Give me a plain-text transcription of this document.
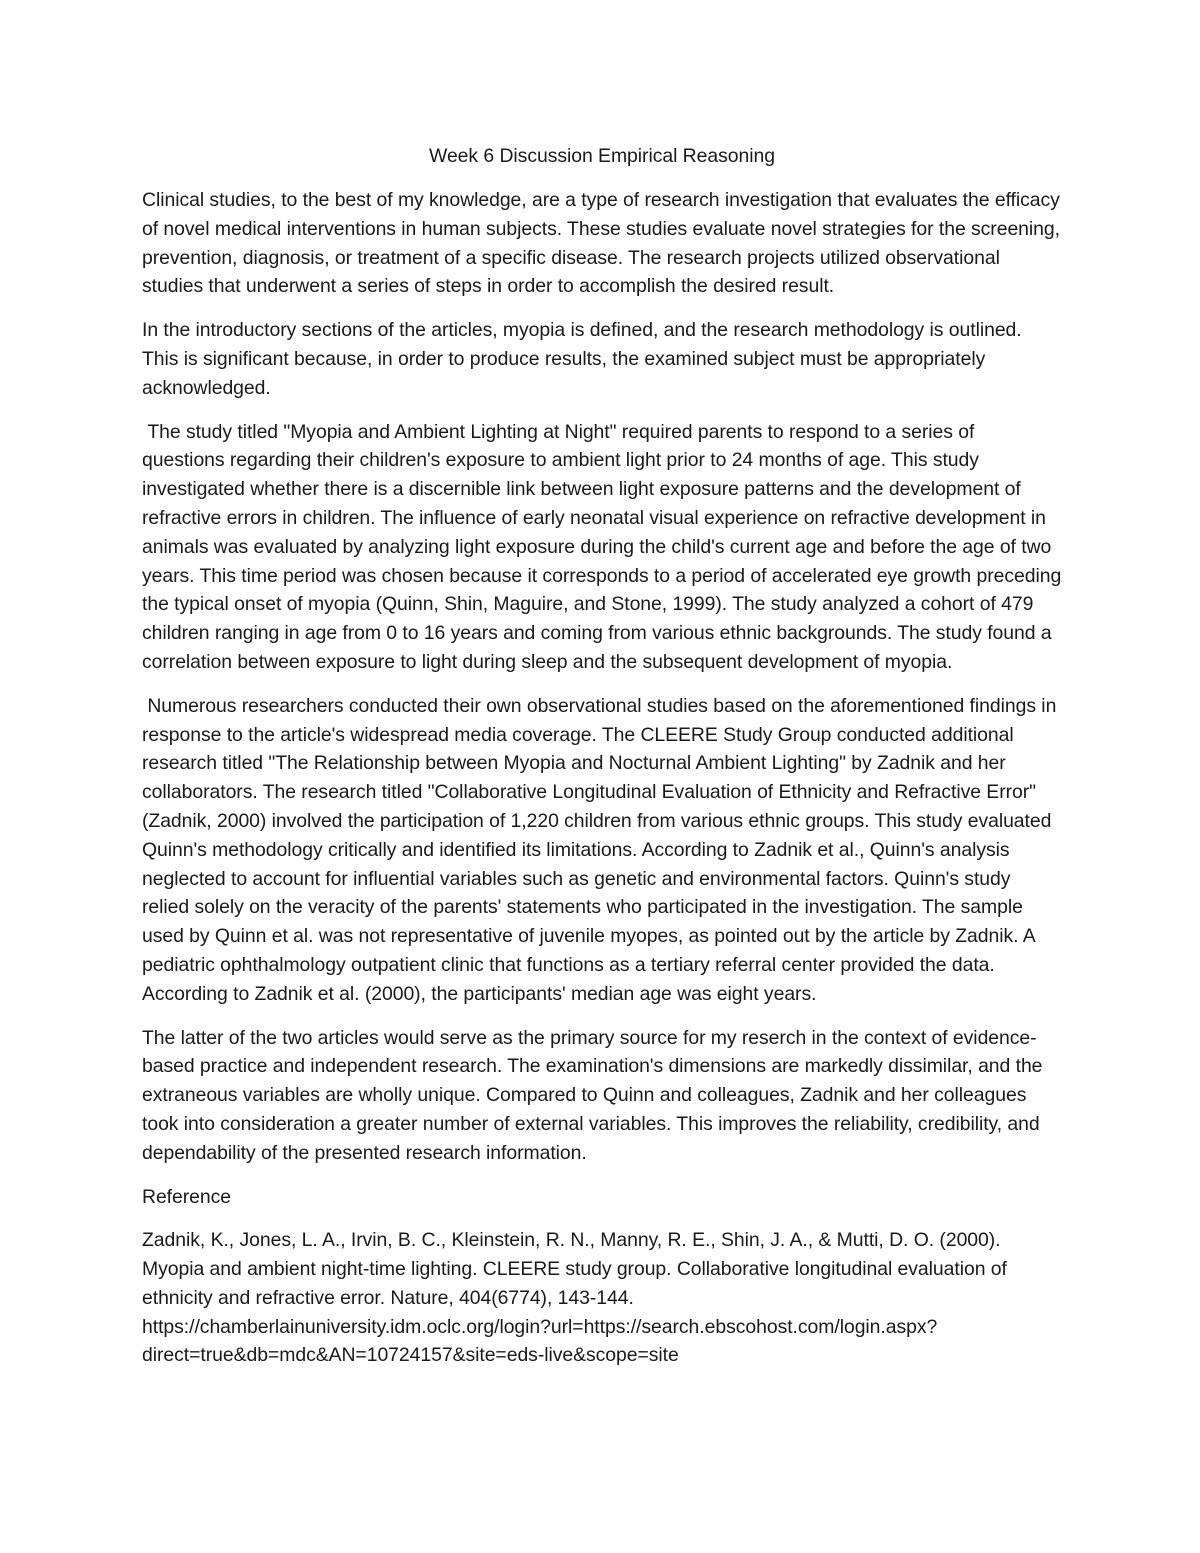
Week 6 Discussion Empirical Reasoning

Clinical studies, to the best of my knowledge, are a type of research investigation that evaluates the efficacy of novel medical interventions in human subjects. These studies evaluate novel strategies for the screening, prevention, diagnosis, or treatment of a specific disease. The research projects utilized observational studies that underwent a series of steps in order to accomplish the desired result.

In the introductory sections of the articles, myopia is defined, and the research methodology is outlined. This is significant because, in order to produce results, the examined subject must be appropriately acknowledged.

The study titled "Myopia and Ambient Lighting at Night" required parents to respond to a series of questions regarding their children's exposure to ambient light prior to 24 months of age. This study investigated whether there is a discernible link between light exposure patterns and the development of refractive errors in children. The influence of early neonatal visual experience on refractive development in animals was evaluated by analyzing light exposure during the child's current age and before the age of two years. This time period was chosen because it corresponds to a period of accelerated eye growth preceding the typical onset of myopia (Quinn, Shin, Maguire, and Stone, 1999). The study analyzed a cohort of 479 children ranging in age from 0 to 16 years and coming from various ethnic backgrounds. The study found a correlation between exposure to light during sleep and the subsequent development of myopia.

Numerous researchers conducted their own observational studies based on the aforementioned findings in response to the article's widespread media coverage. The CLEERE Study Group conducted additional research titled "The Relationship between Myopia and Nocturnal Ambient Lighting" by Zadnik and her collaborators. The research titled "Collaborative Longitudinal Evaluation of Ethnicity and Refractive Error" (Zadnik, 2000) involved the participation of 1,220 children from various ethnic groups. This study evaluated Quinn's methodology critically and identified its limitations. According to Zadnik et al., Quinn's analysis neglected to account for influential variables such as genetic and environmental factors. Quinn's study relied solely on the veracity of the parents' statements who participated in the investigation. The sample used by Quinn et al. was not representative of juvenile myopes, as pointed out by the article by Zadnik. A pediatric ophthalmology outpatient clinic that functions as a tertiary referral center provided the data. According to Zadnik et al. (2000), the participants' median age was eight years.

The latter of the two articles would serve as the primary source for my reserch in the context of evidence-based practice and independent research. The examination's dimensions are markedly dissimilar, and the extraneous variables are wholly unique. Compared to Quinn and colleagues, Zadnik and her colleagues took into consideration a greater number of external variables. This improves the reliability, credibility, and dependability of the presented research information.

Reference
Zadnik, K., Jones, L. A., Irvin, B. C., Kleinstein, R. N., Manny, R. E., Shin, J. A., & Mutti, D. O. (2000). Myopia and ambient night-time lighting. CLEERE study group. Collaborative longitudinal evaluation of ethnicity and refractive error. Nature, 404(6774), 143-144.
https://chamberlainuniversity.idm.oclc.org/login?url=https://search.ebscohost.com/login.aspx?
direct=true&db=mdc&AN=10724157&site=eds-live&scope=site
